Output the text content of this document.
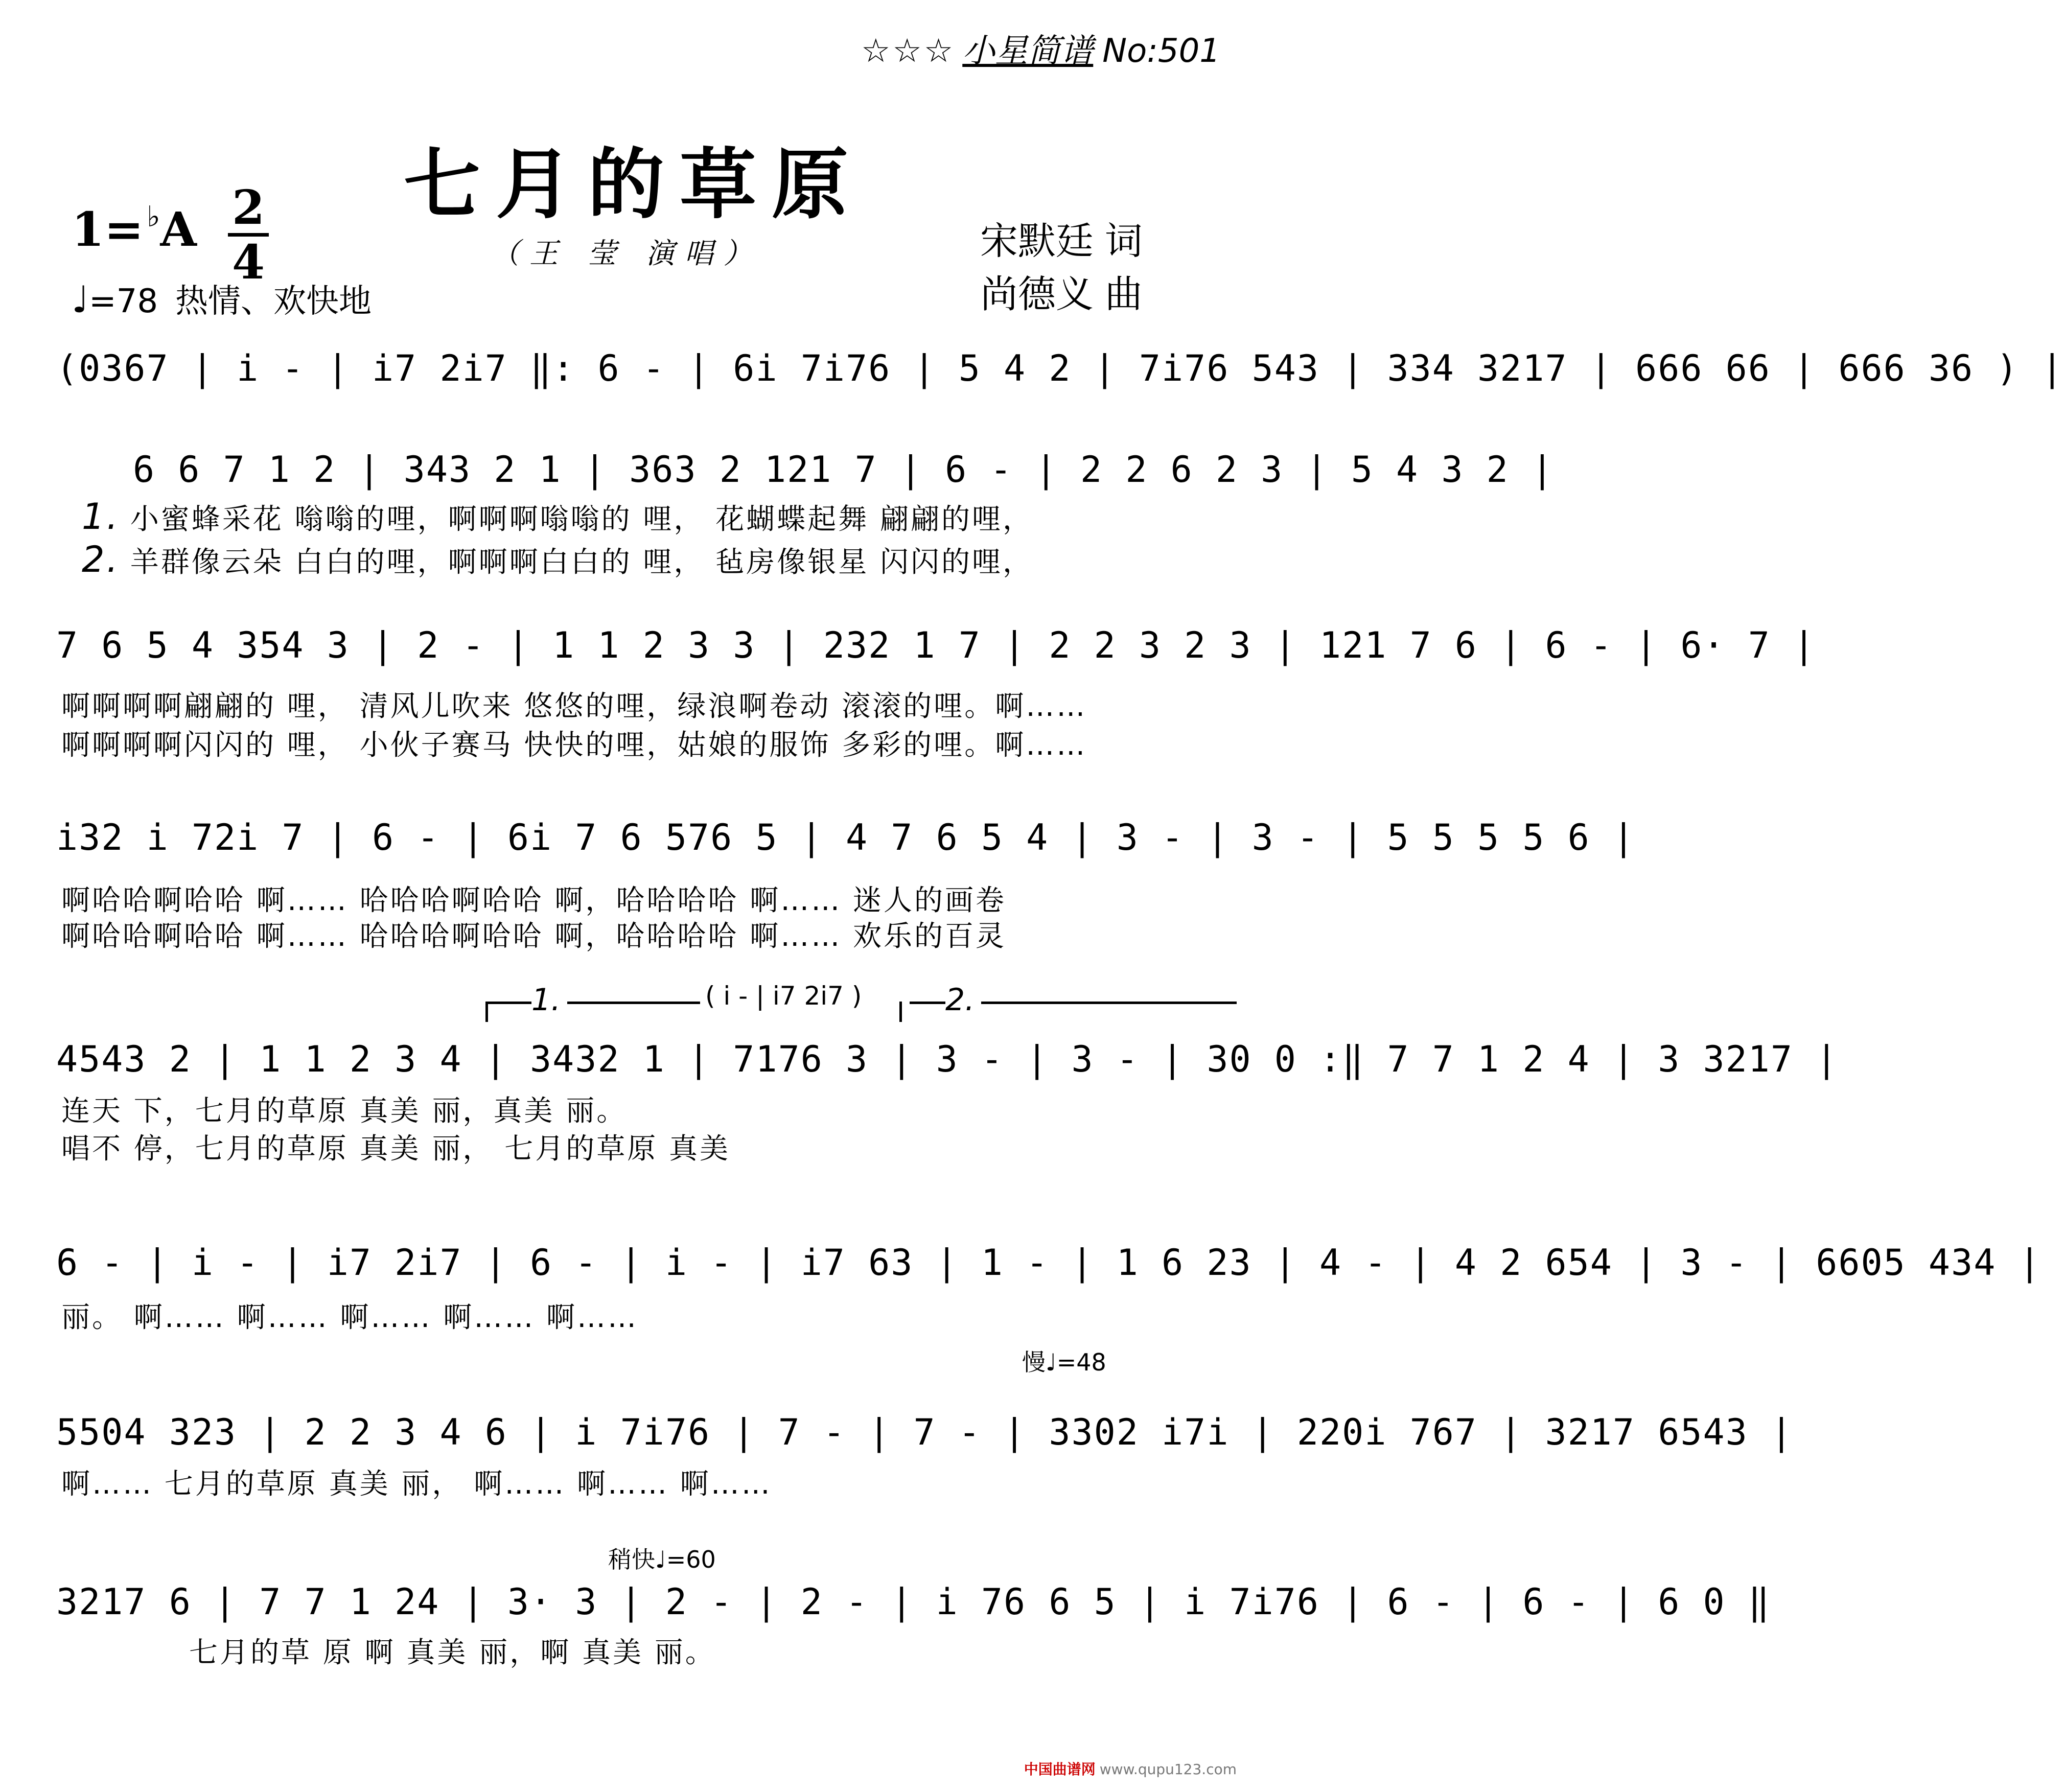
☆☆☆ 小星简谱 No:501
七月的草原
1= ♭A 2
4
♩=78 热情、欢快地
（王 莹 演唱）	宋默廷 词
尚德义 曲
(0367 | i - | i7 2i7 ‖: 6 - | 6i 7i76 | 5 4 2 | 7i76 543 | 334 3217 | 666 66 | 666 36 ) |
6 6 7 1 2 | 343 2 1 | 363 2 121 7 | 6 - | 2 2 6 2 3 | 5 4 3 2 |
1. 小蜜蜂采花 嗡嗡的哩，啊啊啊嗡嗡的 哩， 花蝴蝶起舞 翩翩的哩，
2. 羊群像云朵 白白的哩，啊啊啊白白的 哩， 毡房像银星 闪闪的哩，
7 6 5 4 354 3 | 2 - | 1 1 2 3 3 | 232 1 7 | 2 2 3 2 3 | 121 7 6 | 6 - | 6· 7 |
啊啊啊啊翩翩的 哩， 清风儿吹来 悠悠的哩，绿浪啊卷动 滚滚的哩。啊……
啊啊啊啊闪闪的 哩， 小伙子赛马 快快的哩，姑娘的服饰 多彩的哩。啊……
i32 i 72i 7 | 6 - | 6i 7 6 576 5 | 4 7 6 5 4 | 3 - | 3 - | 5 5 5 5 6 |
啊哈哈啊哈哈 啊…… 哈哈哈啊哈哈 啊，哈哈哈哈 啊…… 迷人的画卷
啊哈哈啊哈哈 啊…… 哈哈哈啊哈哈 啊，哈哈哈哈 啊…… 欢乐的百灵
1.	( i - | i7 2i7 )	2.
4543 2 | 1 1 2 3 4 | 3432 1 | 7176 3 | 3 - | 3 - | 30 0 :‖ 7 7 1 2 4 | 3 3217 |
连天 下，七月的草原 真美 丽，真美 丽。
唱不 停，七月的草原 真美 丽， 七月的草原 真美
6 - | i - | i7 2i7 | 6 - | i - | i7 63 | 1 - | 1 6 23 | 4 - | 4 2 654 | 3 - | 6605 434 |
丽。 啊…… 啊…… 啊…… 啊…… 啊……
慢♩=48
5504 323 | 2 2 3 4 6 | i 7i76 | 7 - | 7 - | 3302 i7i | 220i 767 | 3217 6543 |
啊…… 七月的草原 真美 丽， 啊…… 啊…… 啊……
稍快♩=60
3217 6 | 7 7 1 24 | 3· 3 | 2 - | 2 - | i 76 6 5 | i 7i76 | 6 - | 6 - | 6 0 ‖
七月的草 原 啊 真美 丽，啊 真美 丽。
中国曲谱网 www.qupu123.com
